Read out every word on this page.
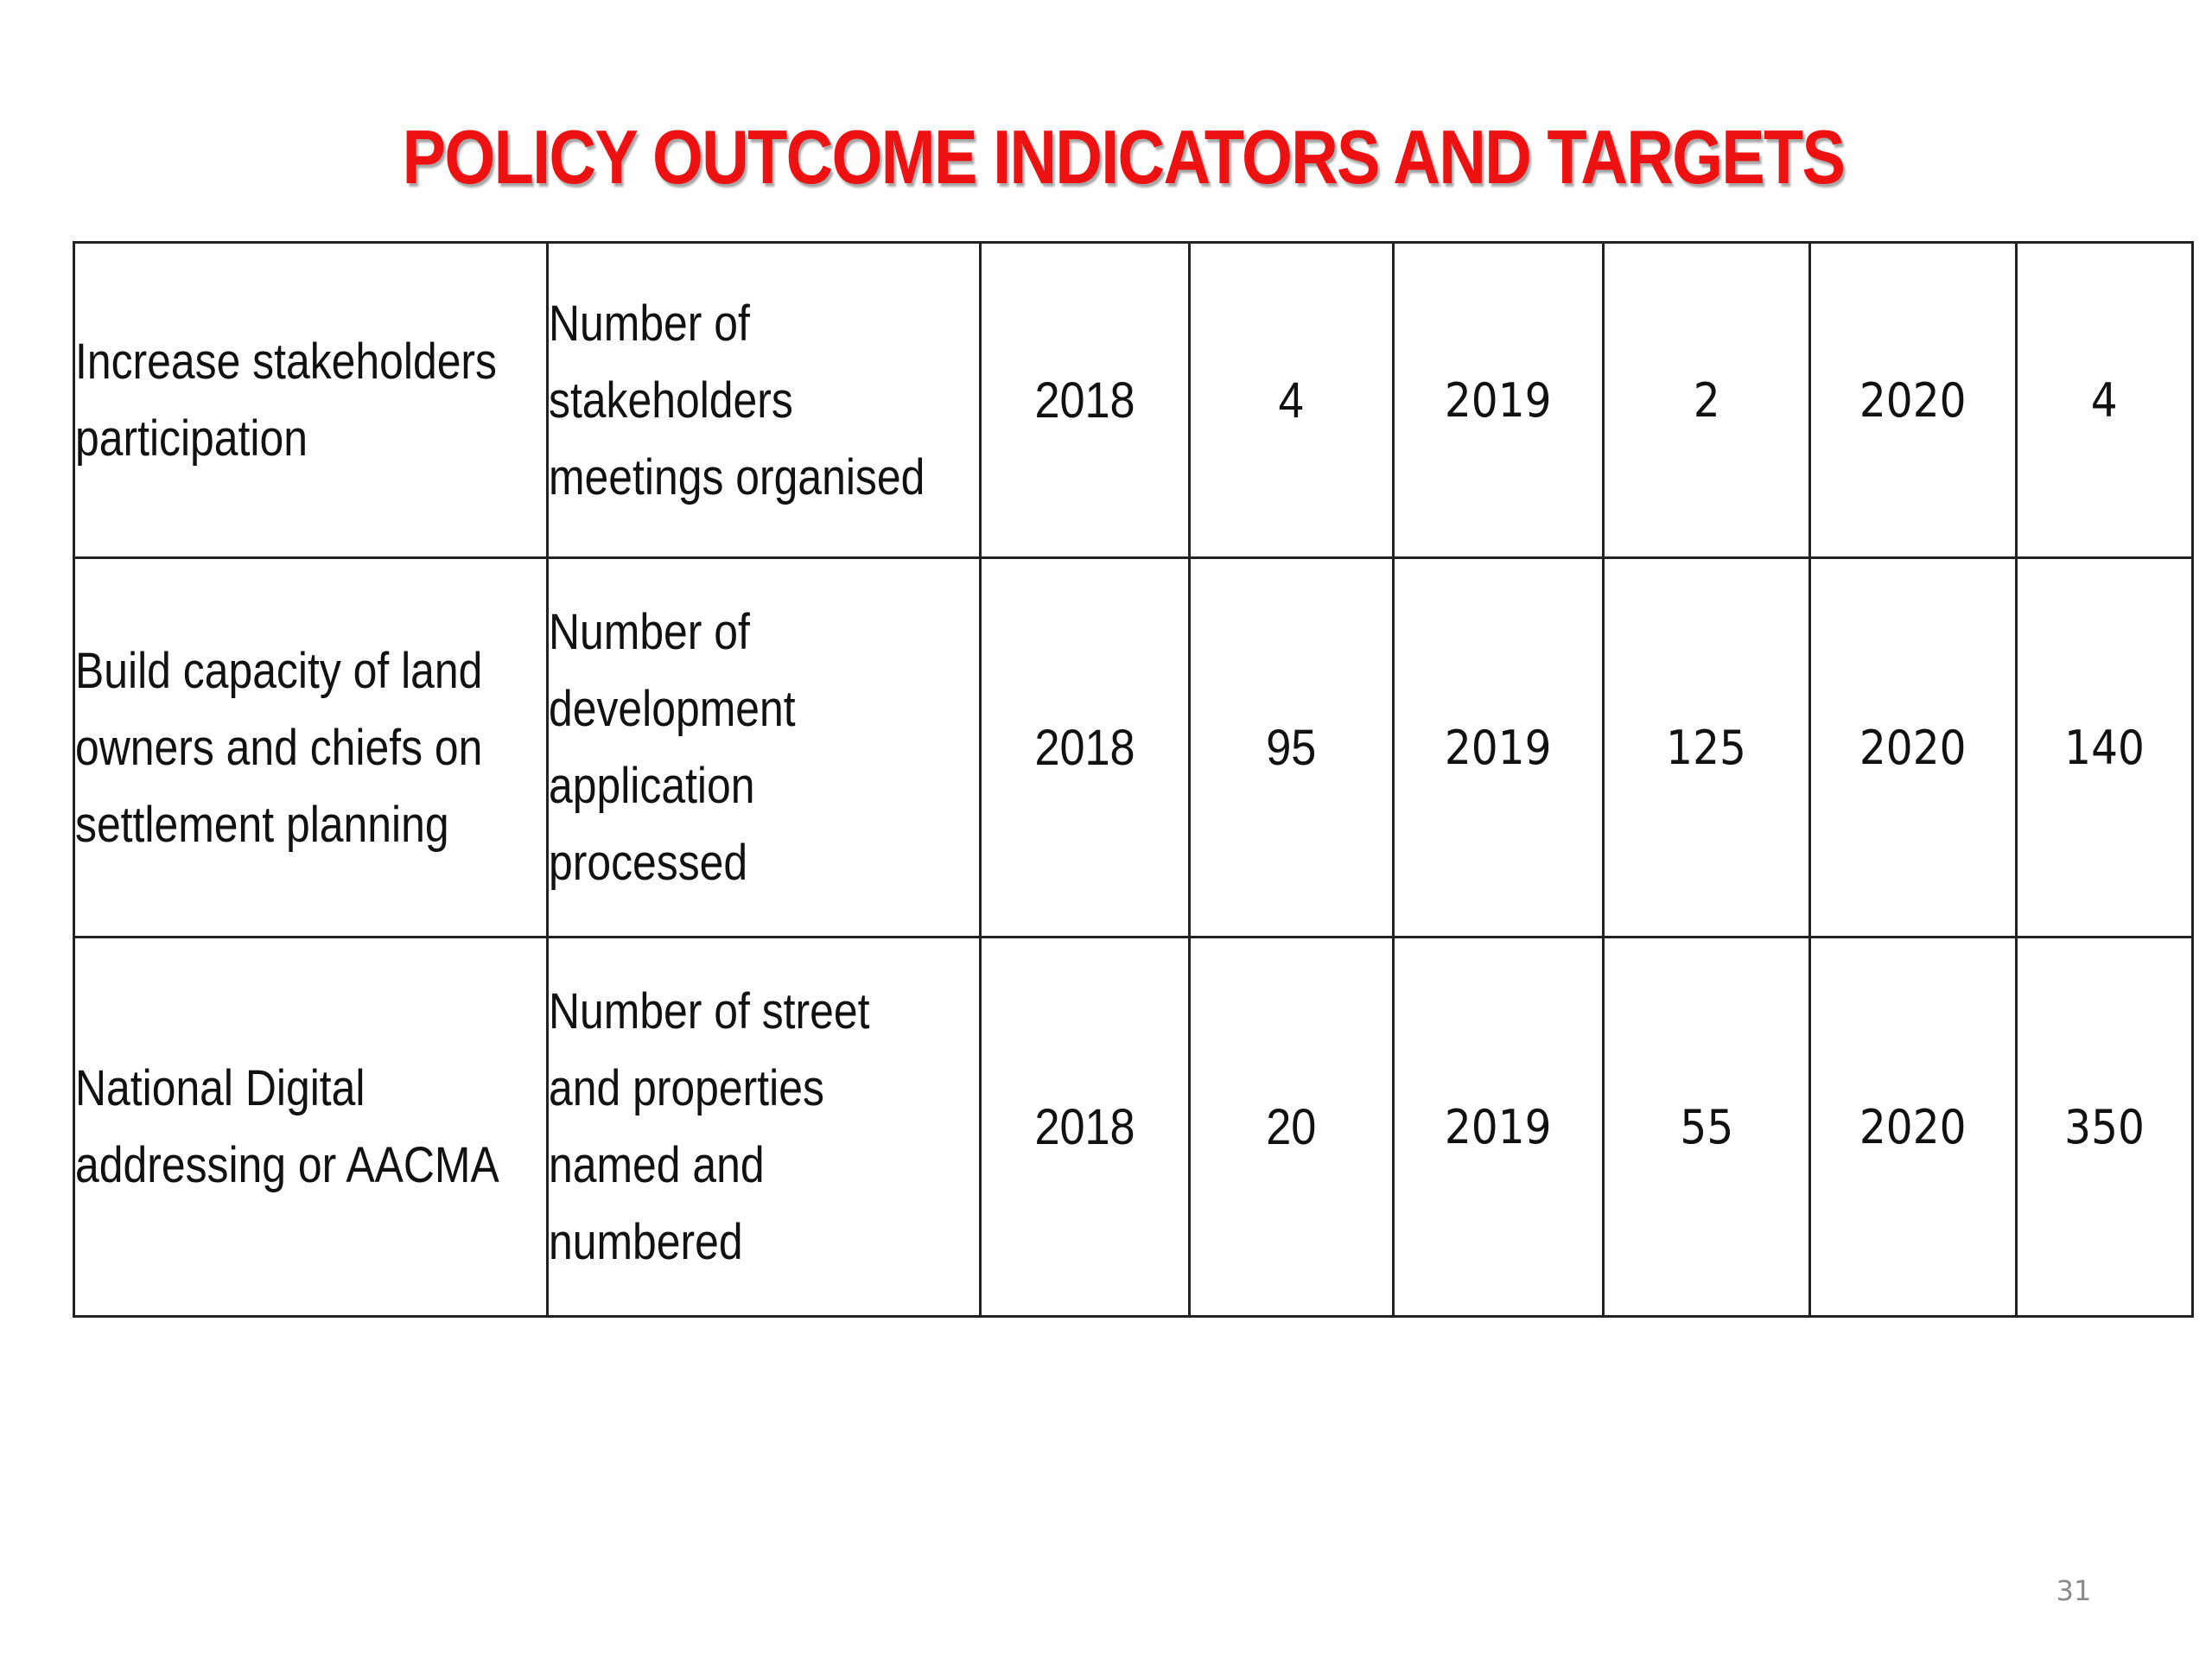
POLICY OUTCOME INDICATORS AND TARGETS
Increase stakeholders
participation	Number of
stakeholders
meetings organised	2018	4	2019	2	2020	4

Build capacity of land
owners and chiefs on
settlement planning	Number of
development
application
processed	2018	95	2019	125	2020	140

National Digital
addressing or AACMA	Number of street
and properties
named and
numbered	2018	20	2019	55	2020	350
31
